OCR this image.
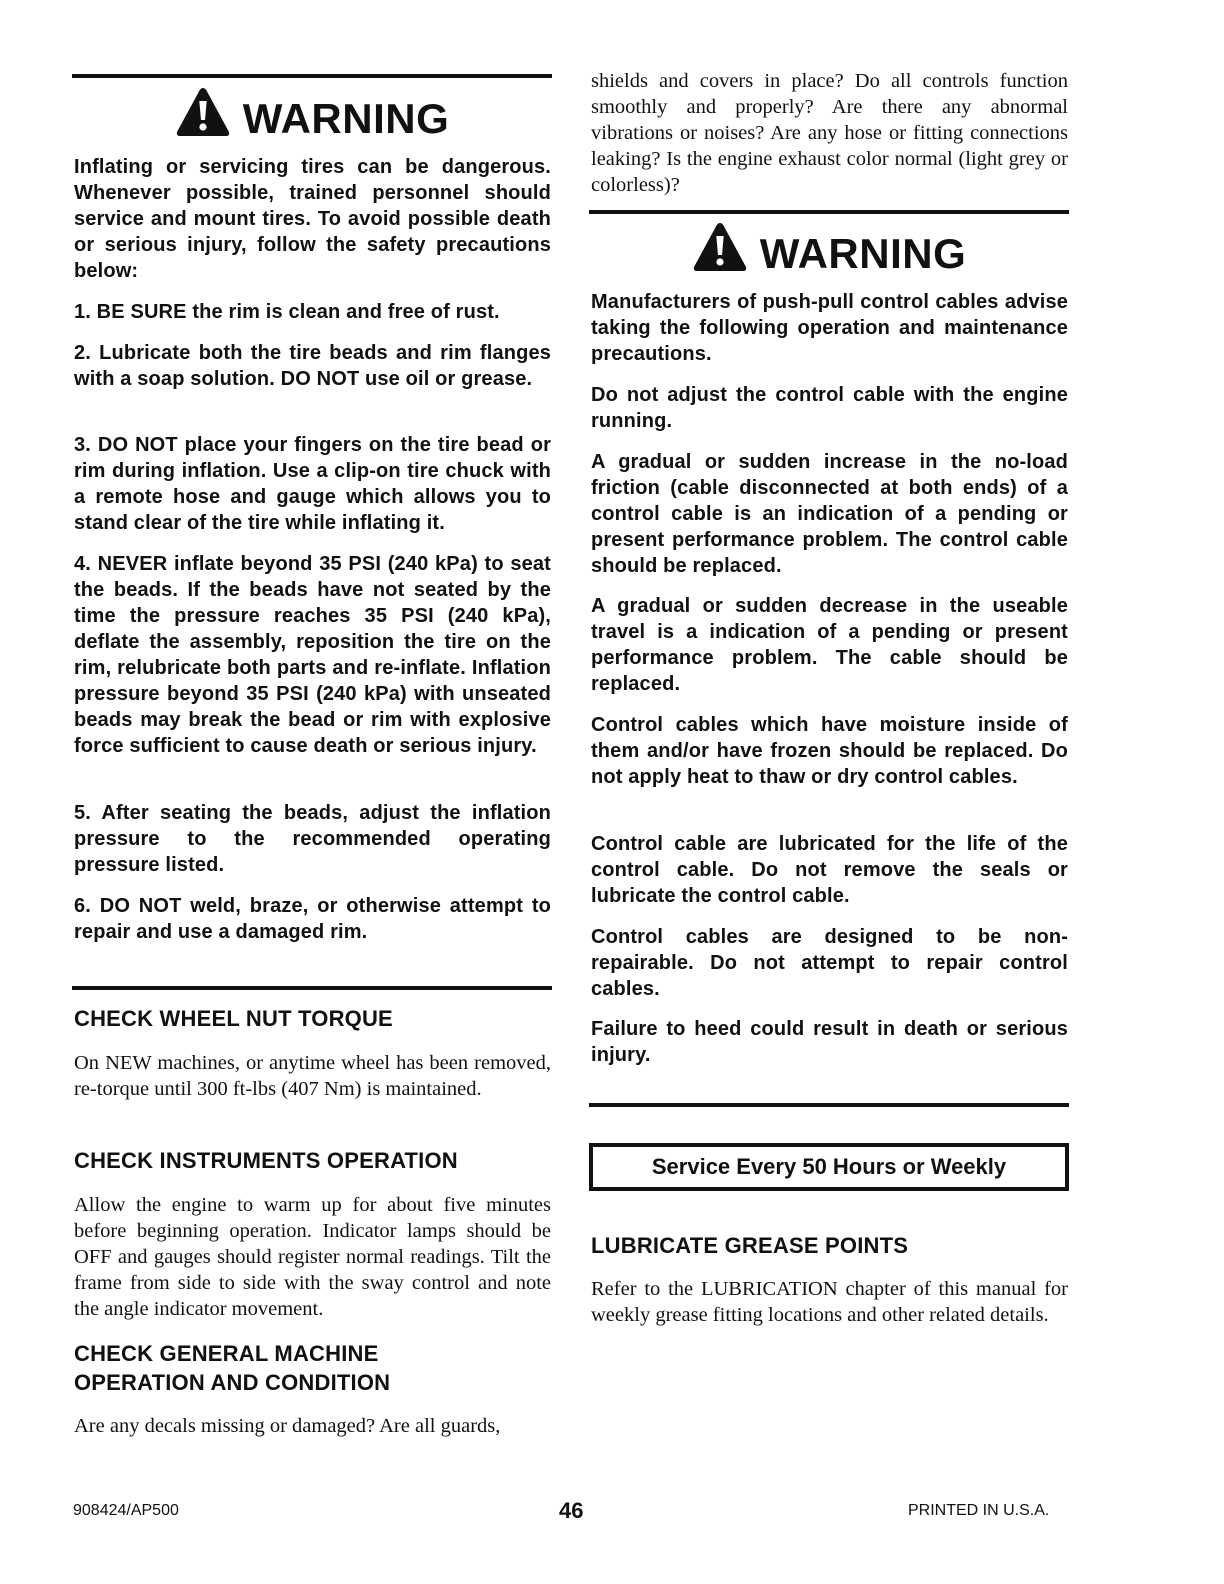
WARNING

Inflating or servicing tires can be dangerous. Whenever possible, trained personnel should service and mount tires. To avoid possible death or serious injury, follow the safety precautions below:

1. BE SURE the rim is clean and free of rust.

2. Lubricate both the tire beads and rim flanges with a soap solution. DO NOT use oil or grease.

3. DO NOT place your fingers on the tire bead or rim during inflation. Use a clip-on tire chuck with a remote hose and gauge which allows you to stand clear of the tire while inflating it.

4. NEVER inflate beyond 35 PSI (240 kPa) to seat the beads. If the beads have not seated by the time the pressure reaches 35 PSI (240 kPa), deflate the assembly, reposition the tire on the rim, relubricate both parts and re-inflate. Inflation pressure beyond 35 PSI (240 kPa) with unseated beads may break the bead or rim with explosive force sufficient to cause death or serious injury.

5. After seating the beads, adjust the inflation pressure to the recommended operating pressure listed.

6. DO NOT weld, braze, or otherwise attempt to repair and use a damaged rim.

CHECK WHEEL NUT TORQUE

On NEW machines, or anytime wheel has been removed, re-torque until 300 ft-lbs (407 Nm) is maintained.

CHECK INSTRUMENTS OPERATION

Allow the engine to warm up for about five minutes before beginning operation. Indicator lamps should be OFF and gauges should register normal readings. Tilt the frame from side to side with the sway control and note the angle indicator movement.

CHECK GENERAL MACHINE
OPERATION AND CONDITION

Are any decals missing or damaged? Are all guards,

shields and covers in place? Do all controls function smoothly and properly? Are there any abnormal vibrations or noises? Are any hose or fitting connections leaking? Is the engine exhaust color normal (light grey or colorless)?

WARNING

Manufacturers of push-pull control cables advise taking the following operation and maintenance precautions.

Do not adjust the control cable with the engine running.

A gradual or sudden increase in the no-load friction (cable disconnected at both ends) of a control cable is an indication of a pending or present performance problem. The control cable should be replaced.

A gradual or sudden decrease in the useable travel is a indication of a pending or present performance problem. The cable should be replaced.

Control cables which have moisture inside of them and/or have frozen should be replaced. Do not apply heat to thaw or dry control cables.

Control cable are lubricated for the life of the control cable. Do not remove the seals or lubricate the control cable.

Control cables are designed to be non-repairable. Do not attempt to repair control cables.

Failure to heed could result in death or serious injury.

Service Every 50 Hours or Weekly
LUBRICATE GREASE POINTS

Refer to the LUBRICATION chapter of this manual for weekly grease fitting locations and other related details.

908424/AP500	46	PRINTED IN U.S.A.
